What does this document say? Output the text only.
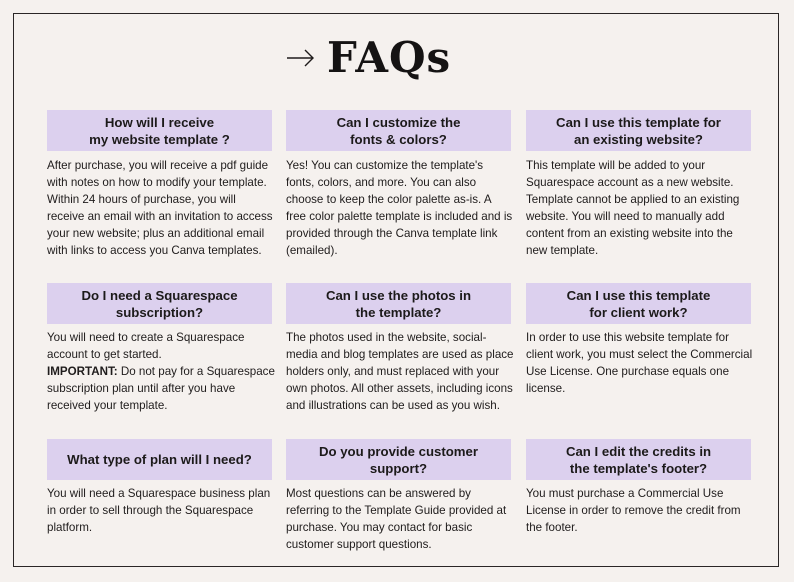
FAQs
How will I receive
my website template ?
After purchase, you will receive a pdf guide with notes on how to modify your template. Within 24 hours of purchase, you will receive an email with an invitation to access your new website; plus an additional email with links to access you Canva templates.
Can I customize the
fonts & colors?
Yes! You can customize the template's fonts, colors, and more. You can also choose to keep the color palette as-is. A free color palette template is included and is provided through the Canva template link (emailed).
Can I use this template for
an existing website?
This template will be added to your Squarespace account as a new website. Template cannot be applied to an existing website. You will need to manually add content from an existing website into the new template.
Do I need a Squarespace
subscription?
You will need to create a Squarespace account to get started.
IMPORTANT: Do not pay for a Squarespace subscription plan until after you have received your template.
Can I use the photos in
the template?
The photos used in the website, social-media and blog templates are used as place holders only, and must replaced with your own photos. All other assets, including icons and illustrations can be used as you wish.
Can I use this template
for client work?
In order to use this website template for client work, you must select the Commercial Use License. One purchase equals one license.
What type of plan will I need?
You will need a Squarespace business plan in order to sell through the Squarespace platform.
Do you provide customer
support?
Most questions can be answered by referring to the Template Guide provided at purchase. You may contact for basic customer support questions.
Can I edit the credits in
the template's footer?
You must purchase a Commercial Use License in order to remove the credit from the footer.
